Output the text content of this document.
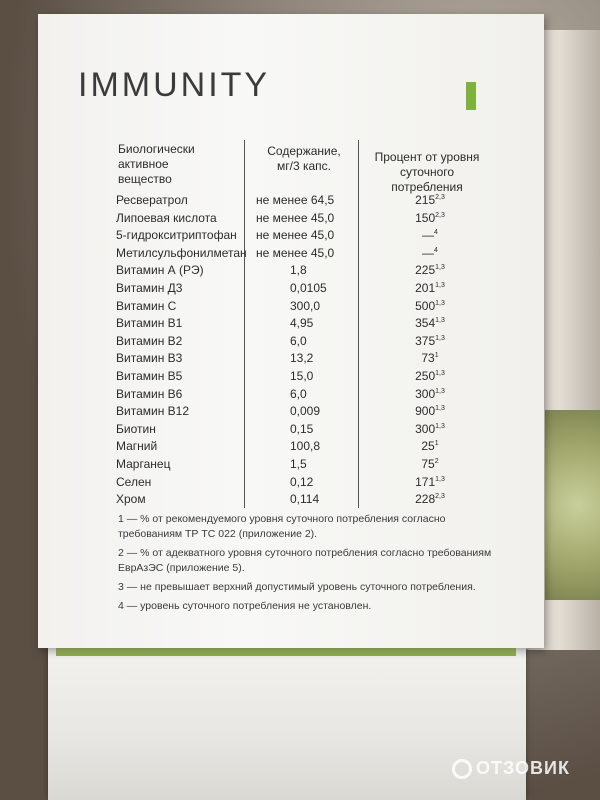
IMMUNITY
Биологически
активное
вещество
Содержание,
мг/3 капс.
Процент от уровня
суточного
потребления
Ресвератрол	не менее 64,5	215$^{2,3}$
Липоевая кислота	не менее 45,0	150$^{2,3}$
5-гидрокситриптофан не менее 45,0	—$^4$
Метилсульфонилметан не менее 45,0	—$^4$
Витамин А (РЭ)	1,8	225$^{1,3}$
Витамин Д3	0,0105	201$^{1,3}$
Витамин С	300,0	500$^{1,3}$
Витамин В1	4,95	354$^{1,3}$
Витамин В2	6,0	375$^{1,3}$
Витамин В3	13,2	$73^1$
Витамин В5	15,0	250$^{1,3}$
Витамин В6	6,0	300$^{1,3}$
Витамин В12	0,009	900$^{1,3}$
Биотин	0,15	300$^{1,3}$
Магний	100,8	$25^1$
Марганец	1,5	$75^2$
Селен	0,12	171$^{1,3}$
Хром	0,114	228$^{2,3}$

1 — % от рекомендуемого уровня суточного потребления согласно требованиям ТР ТС 022 (приложение 2).

2 — % от адекватного уровня суточного потребления согласно требованиям ЕврАзЭС (приложение 5).

3 — не превышает верхний допустимый уровень суточного потребления.

4 — уровень суточного потребления не установлен.

ОТЗОВИК
